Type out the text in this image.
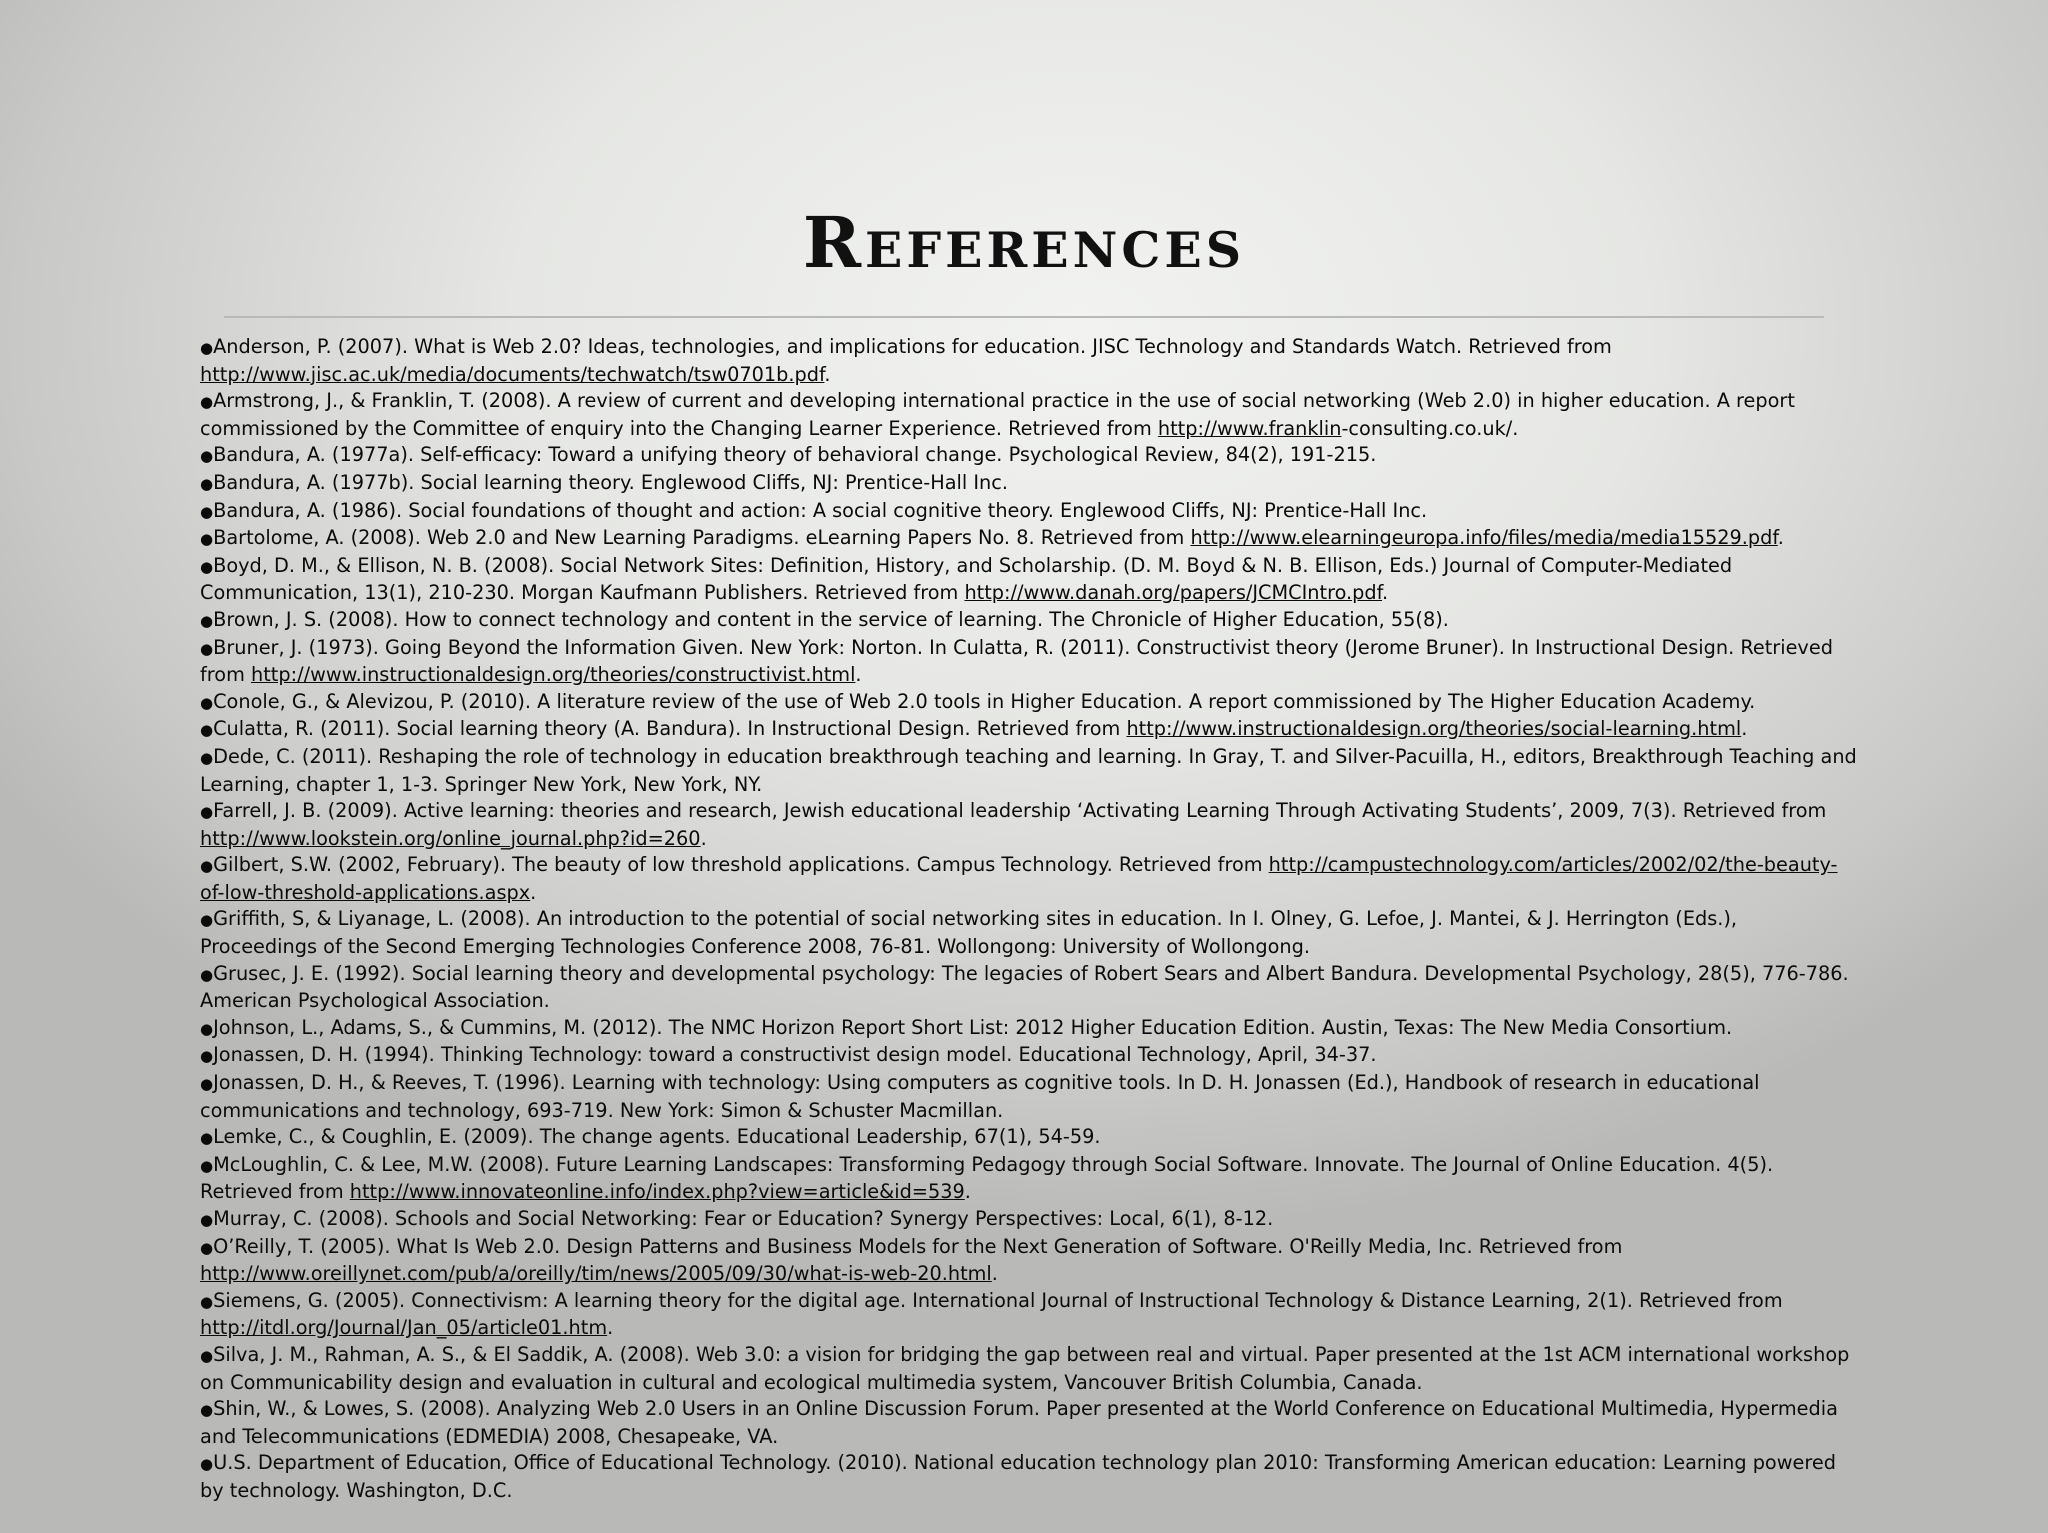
References
●Anderson, P. (2007). What is Web 2.0? Ideas, technologies, and implications for education. JISC Technology and Standards Watch. Retrieved from http://www.jisc.ac.uk/media/documents/techwatch/tsw0701b.pdf.
●Armstrong, J., & Franklin, T. (2008). A review of current and developing international practice in the use of social networking (Web 2.0) in higher education. A report commissioned by the Committee of enquiry into the Changing Learner Experience. Retrieved from http://www.franklin-consulting.co.uk/.
●Bandura, A. (1977a). Self-efficacy: Toward a unifying theory of behavioral change. Psychological Review, 84(2), 191-215.
●Bandura, A. (1977b). Social learning theory. Englewood Cliffs, NJ: Prentice-Hall Inc.
●Bandura, A. (1986). Social foundations of thought and action: A social cognitive theory. Englewood Cliffs, NJ: Prentice-Hall Inc.
●Bartolome, A. (2008). Web 2.0 and New Learning Paradigms. eLearning Papers No. 8. Retrieved from http://www.elearningeuropa.info/files/media/media15529.pdf.
●Boyd, D. M., & Ellison, N. B. (2008). Social Network Sites: Definition, History, and Scholarship. (D. M. Boyd & N. B. Ellison, Eds.) Journal of Computer-Mediated Communication, 13(1), 210-230. Morgan Kaufmann Publishers. Retrieved from http://www.danah.org/papers/JCMCIntro.pdf.
●Brown, J. S. (2008). How to connect technology and content in the service of learning. The Chronicle of Higher Education, 55(8).
●Bruner, J. (1973). Going Beyond the Information Given. New York: Norton. In Culatta, R. (2011). Constructivist theory (Jerome Bruner). In Instructional Design. Retrieved from http://www.instructionaldesign.org/theories/constructivist.html.
●Conole, G., & Alevizou, P. (2010). A literature review of the use of Web 2.0 tools in Higher Education. A report commissioned by The Higher Education Academy.
●Culatta, R. (2011). Social learning theory (A. Bandura). In Instructional Design. Retrieved from http://www.instructionaldesign.org/theories/social-learning.html.
●Dede, C. (2011). Reshaping the role of technology in education breakthrough teaching and learning. In Gray, T. and Silver-Pacuilla, H., editors, Breakthrough Teaching and Learning, chapter 1, 1-3. Springer New York, New York, NY.
●Farrell, J. B. (2009). Active learning: theories and research, Jewish educational leadership ‘Activating Learning Through Activating Students’, 2009, 7(3). Retrieved from http://www.lookstein.org/online_journal.php?id=260.
●Gilbert, S.W. (2002, February). The beauty of low threshold applications. Campus Technology. Retrieved from http://campustechnology.com/articles/2002/02/the-beauty-of-low-threshold-applications.aspx.
●Griffith, S, & Liyanage, L. (2008). An introduction to the potential of social networking sites in education. In I. Olney, G. Lefoe, J. Mantei, & J. Herrington (Eds.), Proceedings of the Second Emerging Technologies Conference 2008, 76-81. Wollongong: University of Wollongong.
●Grusec, J. E. (1992). Social learning theory and developmental psychology: The legacies of Robert Sears and Albert Bandura. Developmental Psychology, 28(5), 776-786. American Psychological Association.
●Johnson, L., Adams, S., & Cummins, M. (2012). The NMC Horizon Report Short List: 2012 Higher Education Edition. Austin, Texas: The New Media Consortium.
●Jonassen, D. H. (1994). Thinking Technology: toward a constructivist design model. Educational Technology, April, 34-37.
●Jonassen, D. H., & Reeves, T. (1996). Learning with technology: Using computers as cognitive tools. In D. H. Jonassen (Ed.), Handbook of research in educational communications and technology, 693-719. New York: Simon & Schuster Macmillan.
●Lemke, C., & Coughlin, E. (2009). The change agents. Educational Leadership, 67(1), 54-59.
●McLoughlin, C. & Lee, M.W. (2008). Future Learning Landscapes: Transforming Pedagogy through Social Software. Innovate. The Journal of Online Education. 4(5). Retrieved from http://www.innovateonline.info/index.php?view=article&id=539.
●Murray, C. (2008). Schools and Social Networking: Fear or Education? Synergy Perspectives: Local, 6(1), 8-12.
●O’Reilly, T. (2005). What Is Web 2.0. Design Patterns and Business Models for the Next Generation of Software. O'Reilly Media, Inc. Retrieved from http://www.oreillynet.com/pub/a/oreilly/tim/news/2005/09/30/what-is-web-20.html.
●Siemens, G. (2005). Connectivism: A learning theory for the digital age. International Journal of Instructional Technology & Distance Learning, 2(1). Retrieved from http://itdl.org/Journal/Jan_05/article01.htm.
●Silva, J. M., Rahman, A. S., & El Saddik, A. (2008). Web 3.0: a vision for bridging the gap between real and virtual. Paper presented at the 1st ACM international workshop on Communicability design and evaluation in cultural and ecological multimedia system, Vancouver British Columbia, Canada.
●Shin, W., & Lowes, S. (2008). Analyzing Web 2.0 Users in an Online Discussion Forum. Paper presented at the World Conference on Educational Multimedia, Hypermedia and Telecommunications (EDMEDIA) 2008, Chesapeake, VA.
●U.S. Department of Education, Office of Educational Technology. (2010). National education technology plan 2010: Transforming American education: Learning powered by technology. Washington, D.C.
